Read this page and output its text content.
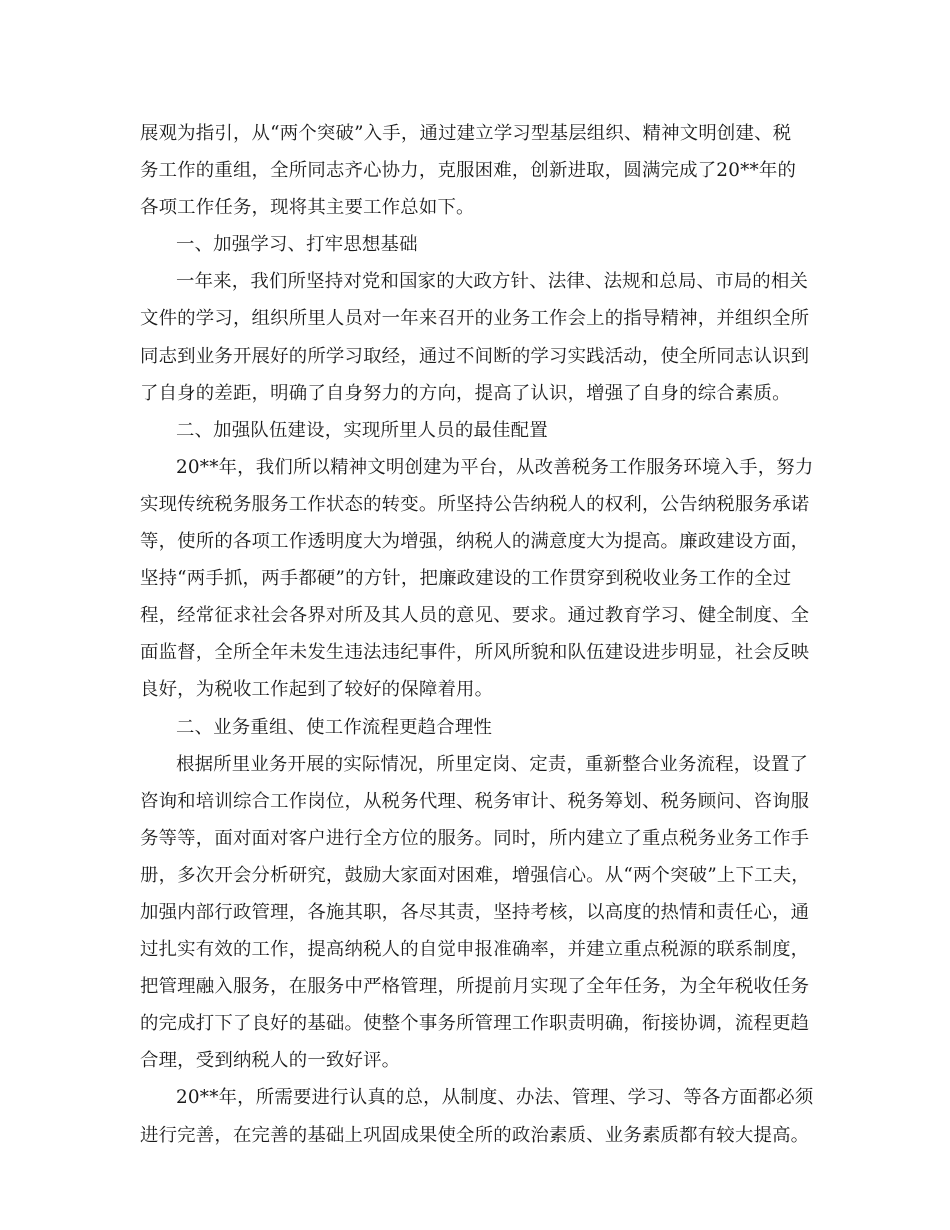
展观为指引，从“两个突破”入手，通过建立学习型基层组织、精神文明创建、税
务工作的重组，全所同志齐心协力，克服困难，创新进取，圆满完成了20**年的
各项工作任务，现将其主要工作总如下。
一、加强学习、打牢思想基础
一年来，我们所坚持对党和国家的大政方针、法律、法规和总局、市局的相关
文件的学习，组织所里人员对一年来召开的业务工作会上的指导精神，并组织全所
同志到业务开展好的所学习取经，通过不间断的学习实践活动，使全所同志认识到
了自身的差距，明确了自身努力的方向，提高了认识，增强了自身的综合素质。
二、加强队伍建设，实现所里人员的最佳配置
20**年，我们所以精神文明创建为平台，从改善税务工作服务环境入手，努力
实现传统税务服务工作状态的转变。所坚持公告纳税人的权利，公告纳税服务承诺
等，使所的各项工作透明度大为增强，纳税人的满意度大为提高。廉政建设方面，
坚持“两手抓，两手都硬”的方针，把廉政建设的工作贯穿到税收业务工作的全过
程，经常征求社会各界对所及其人员的意见、要求。通过教育学习、健全制度、全
面监督，全所全年未发生违法违纪事件，所风所貌和队伍建设进步明显，社会反映
良好，为税收工作起到了较好的保障着用。
二、业务重组、使工作流程更趋合理性
根据所里业务开展的实际情况，所里定岗、定责，重新整合业务流程，设置了
咨询和培训综合工作岗位，从税务代理、税务审计、税务筹划、税务顾问、咨询服
务等等，面对面对客户进行全方位的服务。同时，所内建立了重点税务业务工作手
册，多次开会分析研究，鼓励大家面对困难，增强信心。从“两个突破”上下工夫，
加强内部行政管理，各施其职，各尽其责，坚持考核，以高度的热情和责任心，通
过扎实有效的工作，提高纳税人的自觉申报准确率，并建立重点税源的联系制度，
把管理融入服务，在服务中严格管理，所提前月实现了全年任务，为全年税收任务
的完成打下了良好的基础。使整个事务所管理工作职责明确，衔接协调，流程更趋
合理，受到纳税人的一致好评。
20**年，所需要进行认真的总，从制度、办法、管理、学习、等各方面都必须
进行完善，在完善的基础上巩固成果使全所的政治素质、业务素质都有较大提高。
